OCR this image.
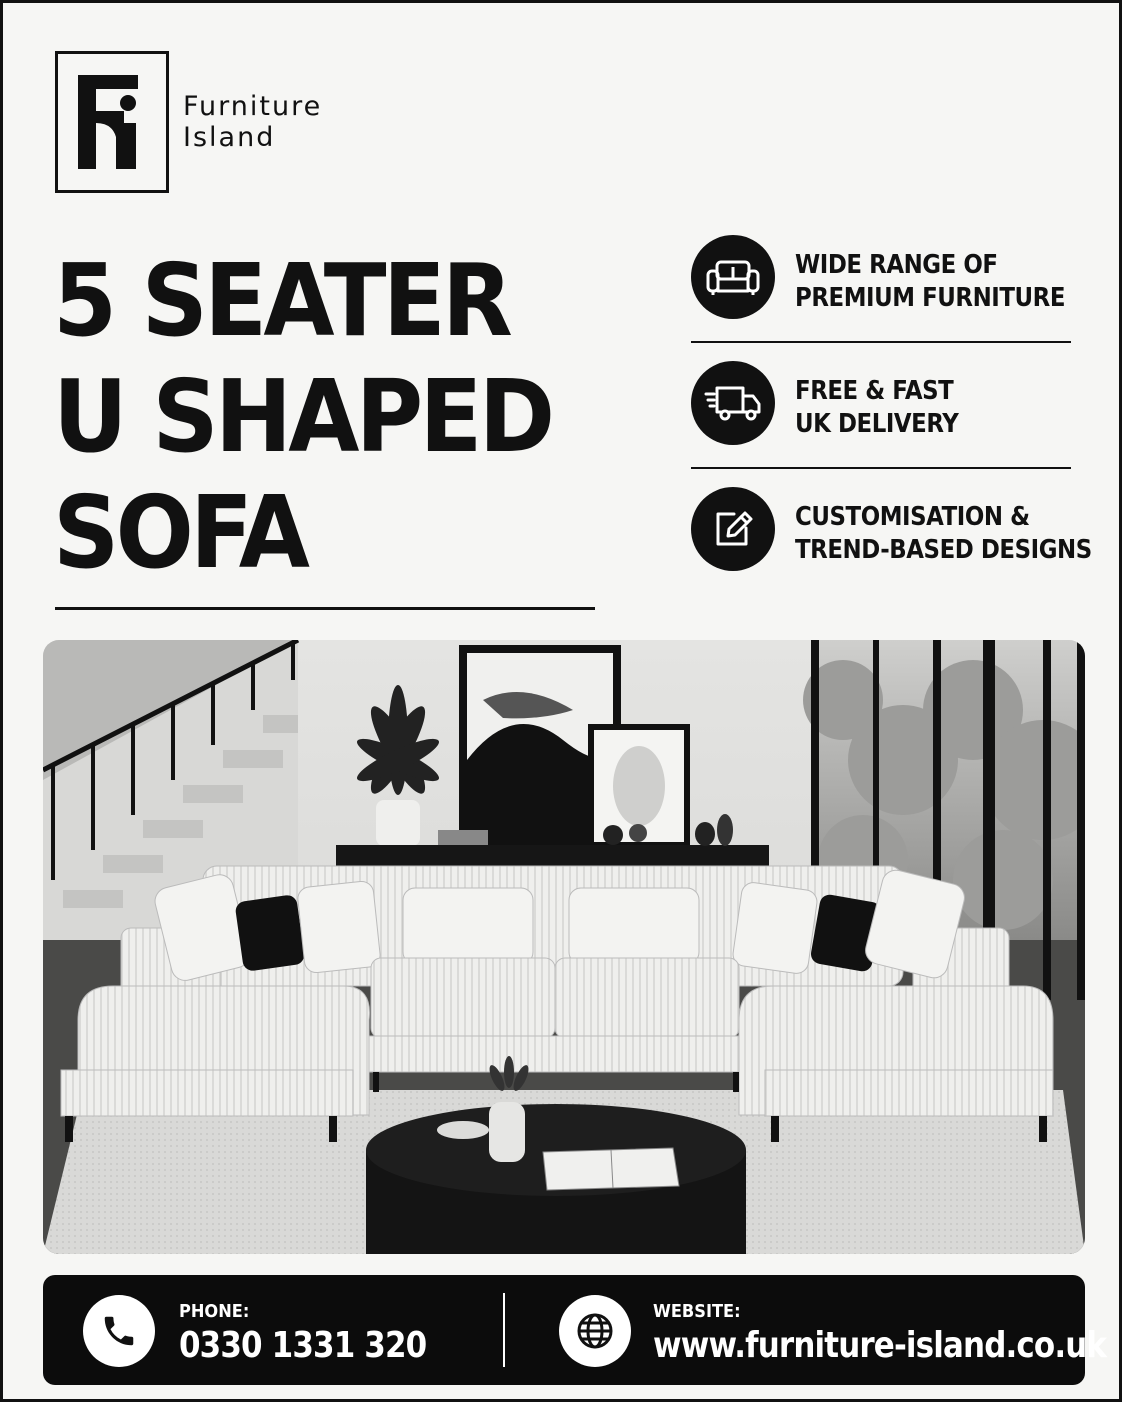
Furniture
Island
5 SEATER
U SHAPED
SOFA
WIDE RANGE OF
PREMIUM FURNITURE
FREE & FAST
UK DELIVERY
CUSTOMISATION &
TREND-BASED DESIGNS
PHONE:
0330 1331 320
WEBSITE:
www.furniture-island.co.uk
